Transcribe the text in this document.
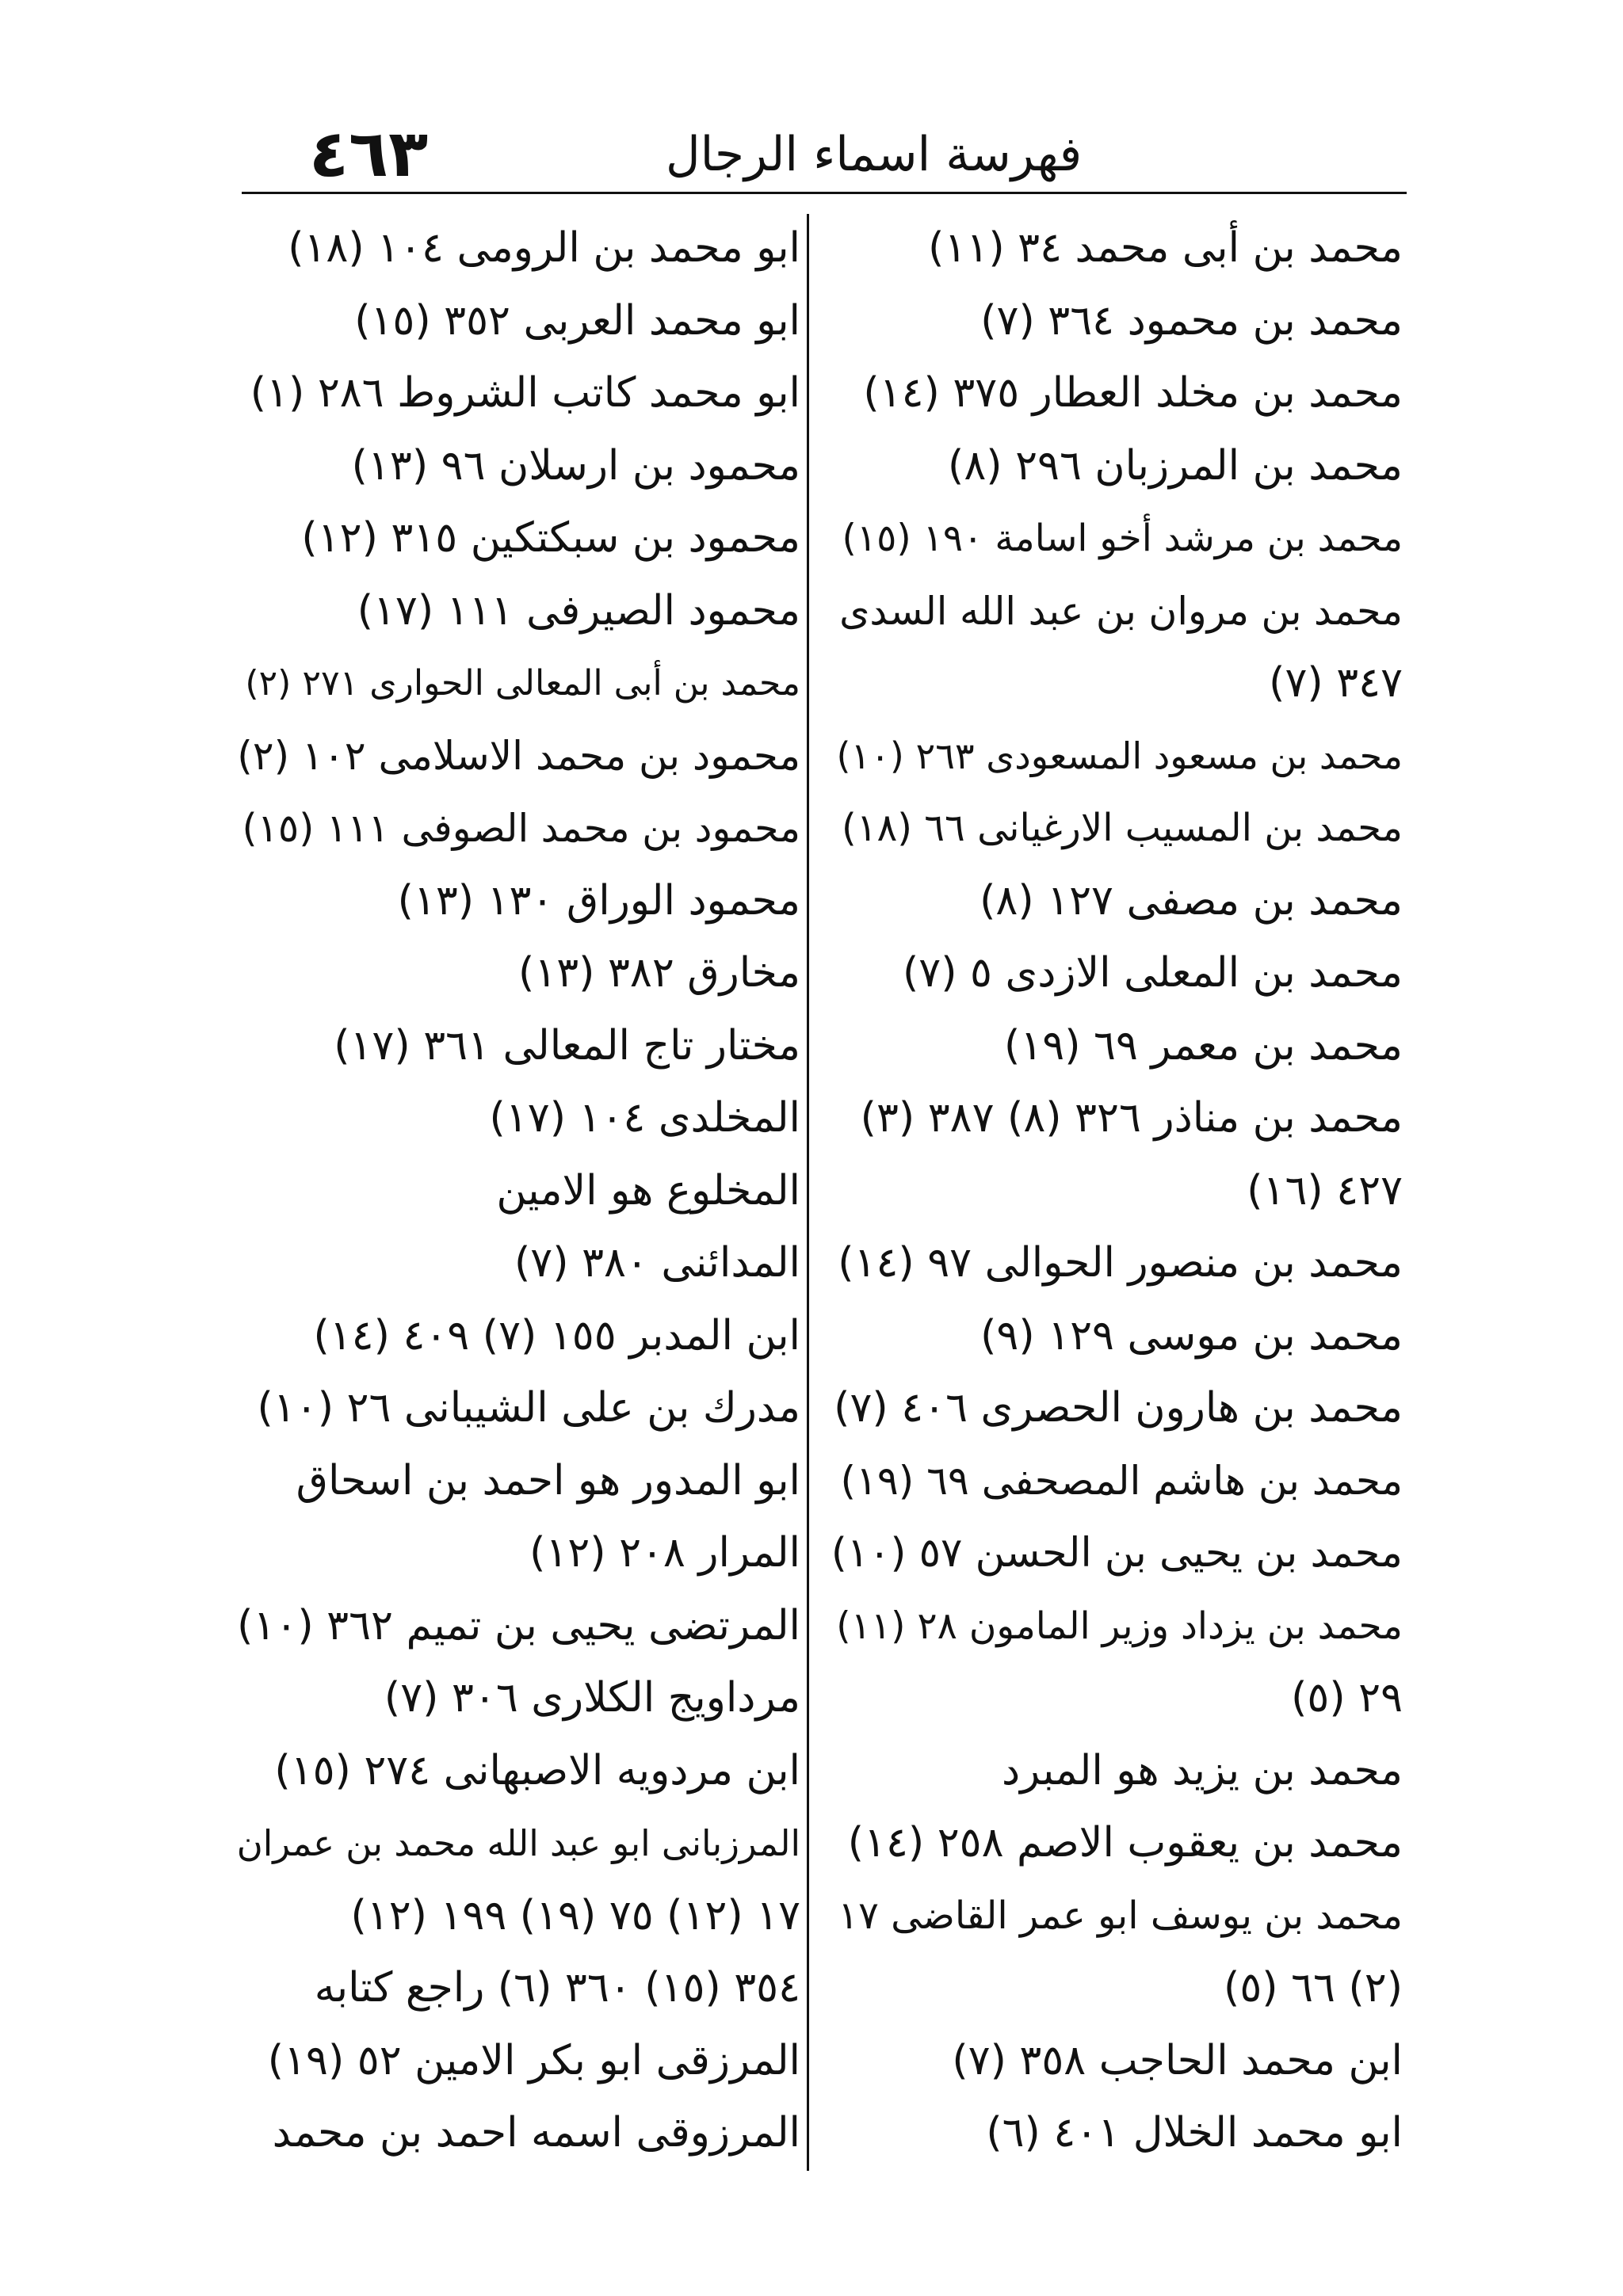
٤٦٣	فهرسة اسماء الرجال
محمد بن أبى محمد ٣٤ (١١)
محمد بن محمود ٣٦٤ (٧)
محمد بن مخلد العطار ٣٧٥ (١٤)
محمد بن المرزبان ٢٩٦ (٨)
محمد بن مرشد أخو اسامة ١٩٠ (١٥)
محمد بن مروان بن عبد الله السدى
٣٤٧ (٧)
محمد بن مسعود المسعودى ٢٦٣ (١٠)
محمد بن المسيب الارغيانى ٦٦ (١٨)
محمد بن مصفى ١٢٧ (٨)
محمد بن المعلى الازدى ٥ (٧)
محمد بن معمر ٦٩ (١٩)
محمد بن مناذر ٣٢٦ (٨) ٣٨٧ (٣)
٤٢٧ (١٦)
محمد بن منصور الحوالى ٩٧ (١٤)
محمد بن موسى ١٢٩ (٩)
محمد بن هارون الحصرى ٤٠٦ (٧)
محمد بن هاشم المصحفى ٦٩ (١٩)
محمد بن يحيى بن الحسن ٥٧ (١٠)
محمد بن يزداد وزير المامون ٢٨ (١١)
٢٩ (٥)
محمد بن يزيد هو المبرد
محمد بن يعقوب الاصم ٢٥٨ (١٤)
محمد بن يوسف ابو عمر القاضى ١٧
(٢) ٦٦ (٥)
ابن محمد الحاجب ٣٥٨ (٧)
ابو محمد الخلال ٤٠١ (٦)
ابو محمد بن الرومى ١٠٤ (١٨)
ابو محمد العربى ٣٥٢ (١٥)
ابو محمد كاتب الشروط ٢٨٦ (١)
محمود بن ارسلان ٩٦ (١٣)
محمود بن سبكتكين ٣١٥ (١٢)
محمود الصيرفى ١١١ (١٧)
محمد بن أبى المعالى الحوارى ٢٧١ (٢)
محمود بن محمد الاسلامى ١٠٢ (٢)
محمود بن محمد الصوفى ١١١ (١٥)
محمود الوراق ١٣٠ (١٣)
مخارق ٣٨٢ (١٣)
مختار تاج المعالى ٣٦١ (١٧)
المخلدى ١٠٤ (١٧)
المخلوع هو الامين
المدائنى ٣٨٠ (٧)
ابن المدبر ١٥٥ (٧) ٤٠٩ (١٤)
مدرك بن على الشيبانى ٢٦ (١٠)
ابو المدور هو احمد بن اسحاق
المرار ٢٠٨ (١٢)
المرتضى يحيى بن تميم ٣٦٢ (١٠)
مرداويج الكلارى ٣٠٦ (٧)
ابن مردويه الاصبهانى ٢٧٤ (١٥)
المرزبانى ابو عبد الله محمد بن عمران
١٧ (١٢) ٧٥ (١٩) ١٩٩ (١٢)
٣٥٤ (١٥) ٣٦٠ (٦) راجع كتابه
المرزقى ابو بكر الامين ٥٢ (١٩)
المرزوقى اسمه احمد بن محمد
